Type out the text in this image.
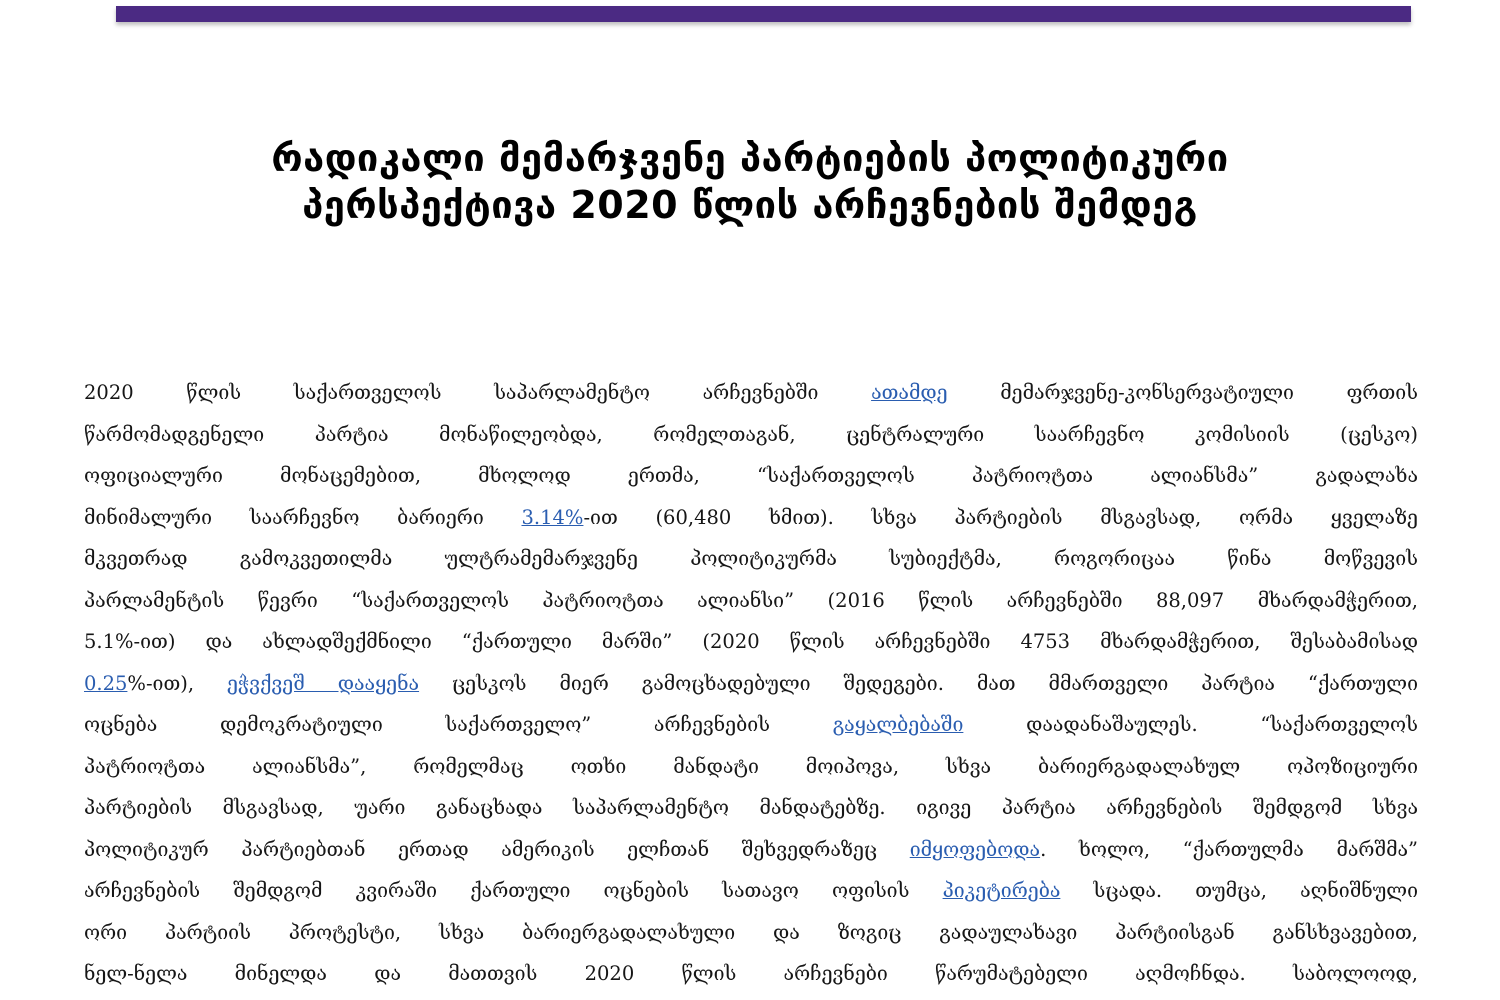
რადიკალი მემარჯვენე პარტიების პოლიტიკური
პერსპექტივა 2020 წლის არჩევნების შემდეგ
2020 წლის საქართველოს საპარლამენტო არჩევნებში ათამდე მემარჯვენე-კონსერვატიული ფრთის
წარმომადგენელი პარტია მონაწილეობდა, რომელთაგან, ცენტრალური საარჩევნო კომისიის (ცესკო)
ოფიციალური მონაცემებით, მხოლოდ ერთმა, “საქართველოს პატრიოტთა ალიანსმა” გადალახა
მინიმალური საარჩევნო ბარიერი 3.14%-ით (60,480 ხმით). სხვა პარტიების მსგავსად, ორმა ყველაზე
მკვეთრად გამოკვეთილმა ულტრამემარჯვენე პოლიტიკურმა სუბიექტმა, როგორიცაა წინა მოწვევის
პარლამენტის წევრი “საქართველოს პატრიოტთა ალიანსი” (2016 წლის არჩევნებში 88,097 მხარდამჭერით,
5.1%-ით) და ახლადშექმნილი “ქართული მარში” (2020 წლის არჩევნებში 4753 მხარდამჭერით, შესაბამისად
0.25%-ით), ეჭვქვეშ დააყენა ცესკოს მიერ გამოცხადებული შედეგები. მათ მმართველი პარტია “ქართული
ოცნება დემოკრატიული საქართველო” არჩევნების გაყალბებაში დაადანაშაულეს. “საქართველოს
პატრიოტთა ალიანსმა”, რომელმაც ოთხი მანდატი მოიპოვა, სხვა ბარიერგადალახულ ოპოზიციური
პარტიების მსგავსად, უარი განაცხადა საპარლამენტო მანდატებზე. იგივე პარტია არჩევნების შემდგომ სხვა
პოლიტიკურ პარტიებთან ერთად ამერიკის ელჩთან შეხვედრაზეც იმყოფებოდა. ხოლო, “ქართულმა მარშმა”
არჩევნების შემდგომ კვირაში ქართული ოცნების სათავო ოფისის პიკეტირება სცადა. თუმცა, აღნიშნული
ორი პარტიის პროტესტი, სხვა ბარიერგადალახული და ზოგიც გადაულახავი პარტიისგან განსხვავებით,
ნელ-ნელა მინელდა და მათთვის 2020 წლის არჩევნები წარუმატებელი აღმოჩნდა. საბოლოოდ,
